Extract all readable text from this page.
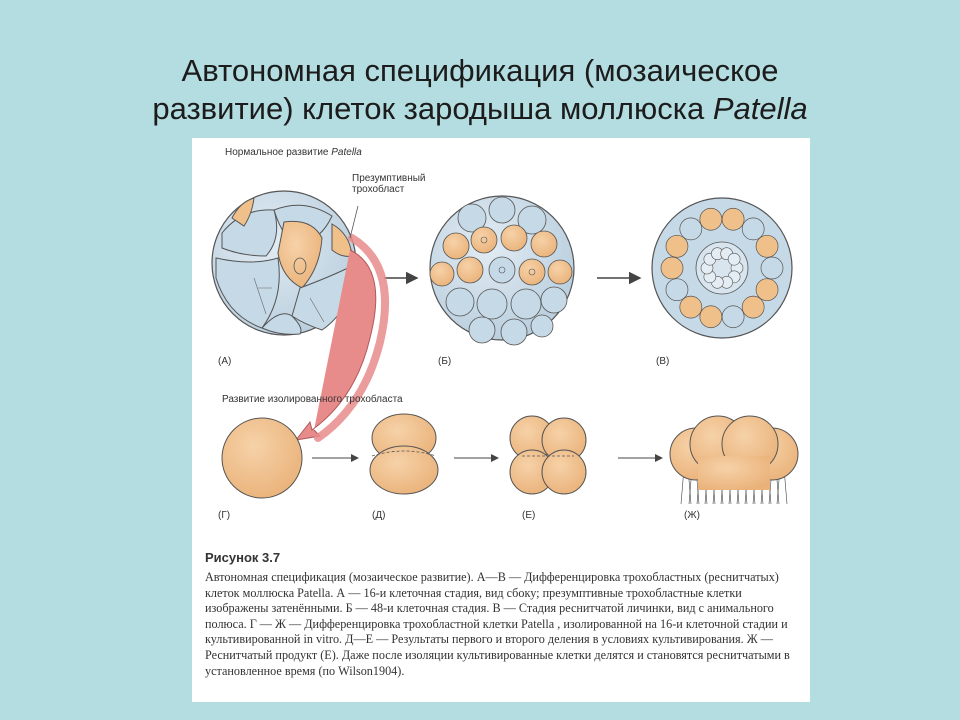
Автономная спецификация (мозаическое
развитие) клеток зародыша моллюска Patella
Нормальное развитие Patella
Презумптивный
трохобласт
(А)	(Б)	(В)
Развитие изолированного трохобласта
(Г)	(Д)	(Е)	(Ж)
Рисунок 3.7
Автономная спецификация (мозаическое развитие). А—В — Дифференцировка трохобластных (реснитчатых) клеток моллюска Patella. А — 16-и клеточная стадия, вид сбоку; презумптивные трохобластные клетки изображены затенёнными. Б — 48-и клеточная стадия. В — Стадия реснитчатой личинки, вид с анимального полюса. Г — Ж — Дифференцировка трохобластной клетки Patella , изолированной на 16-и клеточной стадии и культивированной in vitro. Д—Е — Результаты первого и второго деления в условиях культивирования. Ж — Реснитчатый продукт (Е). Даже после изоляции культивированные клетки делятся и становятся реснитчатыми в установленное время (по Wilson1904).
